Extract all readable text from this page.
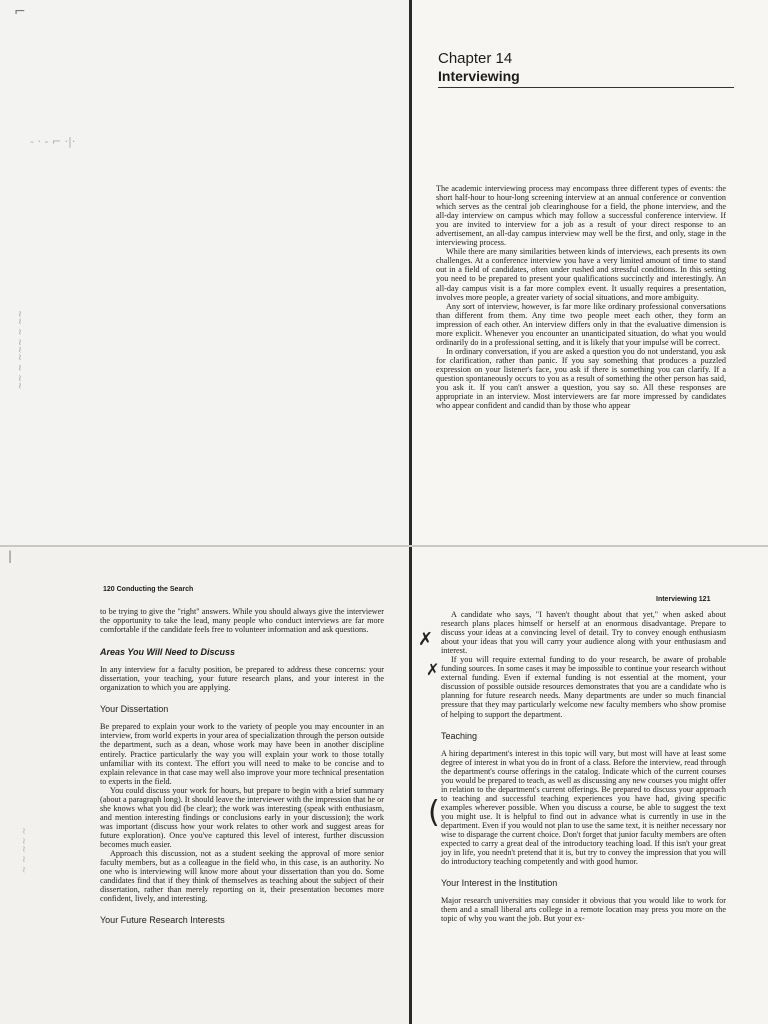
⌐
- · - ⌐ ·|·
~~ ~ ~~~ ~ ~~
Chapter 14
Interviewing

The academic interviewing process may encompass three different types of events: the short half-hour to hour-long screening interview at an annual conference or convention which serves as the central job clearinghouse for a field, the phone interview, and the all-day interview on campus which may follow a successful conference interview. If you are invited to interview for a job as a result of your direct response to an advertisement, an all-day campus interview may well be the first, and only, stage in the interviewing process.

While there are many similarities between kinds of interviews, each presents its own challenges. At a conference interview you have a very limited amount of time to stand out in a field of candidates, often under rushed and stressful conditions. In this setting you need to be prepared to present your qualifications succinctly and interestingly. An all-day campus visit is a far more complex event. It usually requires a presentation, involves more people, a greater variety of social situations, and more ambiguity.

Any sort of interview, however, is far more like ordinary professional conversations than different from them. Any time two people meet each other, they form an impression of each other. An interview differs only in that the evaluative dimension is more explicit. Whenever you encounter an unanticipated situation, do what you would ordinarily do in a professional setting, and it is likely that your impulse will be correct.

In ordinary conversation, if you are asked a question you do not understand, you ask for clarification, rather than panic. If you say something that produces a puzzled expression on your listener's face, you ask if there is something you can clarify. If a question spontaneously occurs to you as a result of something the other person has said, you ask it. If you can't answer a question, you say so. All these responses are appropriate in an interview. Most interviewers are far more impressed by candidates who appear confident and candid than by those who appear

120 Conducting the Search
|
~ ~~ ~ ~

to be trying to give the "right" answers. While you should always give the interviewer the opportunity to take the lead, many people who conduct interviews are far more comfortable if the candidate feels free to volunteer information and ask questions.

Areas You Will Need to Discuss

In any interview for a faculty position, be prepared to address these concerns: your dissertation, your teaching, your future research plans, and your interest in the organization to which you are applying.

Your Dissertation

Be prepared to explain your work to the variety of people you may encounter in an interview, from world experts in your area of specialization through the person outside the department, such as a dean, whose work may have been in another discipline entirely. Practice particularly the way you will explain your work to those totally unfamiliar with its context. The effort you will need to make to be concise and to explain relevance in that case may well also improve your more technical presentation to experts in the field.

You could discuss your work for hours, but prepare to begin with a brief summary (about a paragraph long). It should leave the interviewer with the impression that he or she knows what you did (be clear); the work was interesting (speak with enthusiasm, and mention interesting findings or conclusions early in your discussion); the work was important (discuss how your work relates to other work and suggest areas for future exploration). Once you've captured this level of interest, further discussion becomes much easier.

Approach this discussion, not as a student seeking the approval of more senior faculty members, but as a colleague in the field who, in this case, is an authority. No one who is interviewing will know more about your dissertation than you do. Some candidates find that if they think of themselves as teaching about the subject of their dissertation, rather than merely reporting on it, their presentation becomes more confident, lively, and interesting.

Your Future Research Interests
Interviewing 121
✗
✗
(

A candidate who says, "I haven't thought about that yet," when asked about research plans places himself or herself at an enormous disadvantage. Prepare to discuss your ideas at a convincing level of detail. Try to convey enough enthusiasm about your ideas that you will carry your audience along with your enthusiasm and interest.

If you will require external funding to do your research, be aware of probable funding sources. In some cases it may be impossible to continue your research without external funding. Even if external funding is not essential at the moment, your discussion of possible outside resources demonstrates that you are a candidate who is planning for future research needs. Many departments are under so much financial pressure that they may particularly welcome new faculty members who show promise of helping to support the department.

Teaching

A hiring department's interest in this topic will vary, but most will have at least some degree of interest in what you do in front of a class. Before the interview, read through the department's course offerings in the catalog. Indicate which of the current courses you would be prepared to teach, as well as discussing any new courses you might offer in relation to the department's current offerings. Be prepared to discuss your approach to teaching and successful teaching experiences you have had, giving specific examples wherever possible. When you discuss a course, be able to suggest the text you might use. It is helpful to find out in advance what is currently in use in the department. Even if you would not plan to use the same text, it is neither necessary nor wise to disparage the current choice. Don't forget that junior faculty members are often expected to carry a great deal of the introductory teaching load. If this isn't your great joy in life, you needn't pretend that it is, but try to convey the impression that you will do introductory teaching competently and with good humor.

Your Interest in the Institution

Major research universities may consider it obvious that you would like to work for them and a small liberal arts college in a remote location may press you more on the topic of why you want the job. But your ex-
